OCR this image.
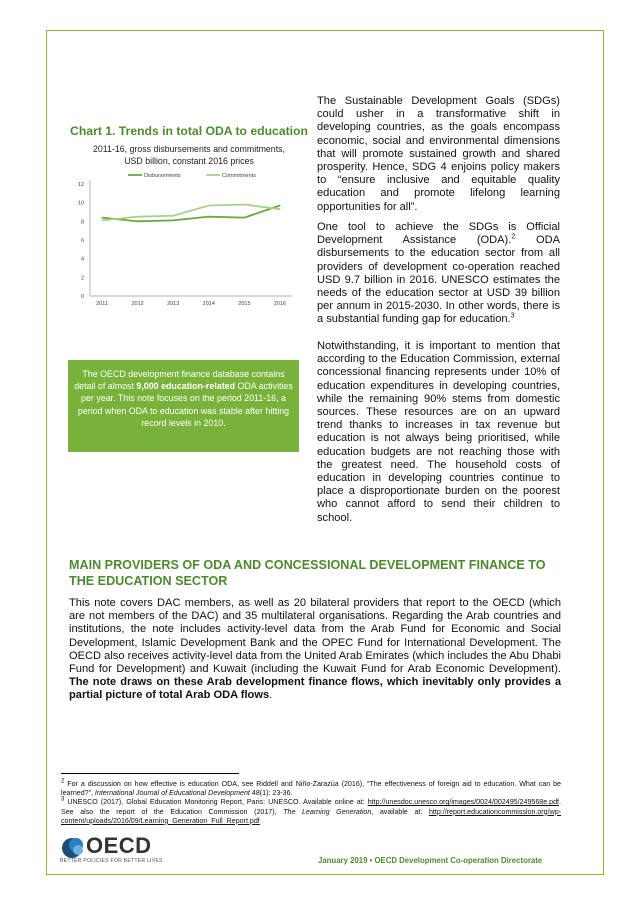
Chart 1. Trends in total ODA to education
2011-16, gross disbursements and commitments,
USD billion, constant 2016 prices
0
2
4
6
8
10
12
2011	2012	2013	2014	2015	2016
Disbursements	Commitments
The OECD development finance database contains detail of almost 9,000 education-related ODA activities per year. This note focuses on the period 2011-16, a period when ODA to education was stable after hitting record levels in 2010.
The Sustainable Development Goals (SDGs) could usher in a transformative shift in developing countries, as the goals encompass economic, social and environmental dimensions that will promote sustained growth and shared prosperity. Hence, SDG 4 enjoins policy makers to “ensure inclusive and equitable quality education and promote lifelong learning opportunities for all”.
One tool to achieve the SDGs is Official Development Assistance (ODA).$^2$ ODA disbursements to the education sector from all providers of development co-operation reached USD 9.7 billion in 2016. UNESCO estimates the needs of the education sector at USD 39 billion per annum in 2015-2030. In other words, there is a substantial funding gap for education.$^3$
Notwithstanding, it is important to mention that according to the Education Commission, external concessional financing represents under 10% of education expenditures in developing countries, while the remaining 90% stems from domestic sources. These resources are on an upward trend thanks to increases in tax revenue but education is not always being prioritised, while education budgets are not reaching those with the greatest need. The household costs of education in developing countries continue to place a disproportionate burden on the poorest who cannot afford to send their children to school.
MAIN PROVIDERS OF ODA AND CONCESSIONAL DEVELOPMENT FINANCE TO THE EDUCATION SECTOR
This note covers DAC members, as well as 20 bilateral providers that report to the OECD (which are not members of the DAC) and 35 multilateral organisations. Regarding the Arab countries and institutions, the note includes activity-level data from the Arab Fund for Economic and Social Development, Islamic Development Bank and the OPEC Fund for International Development. The OECD also receives activity-level data from the United Arab Emirates (which includes the Abu Dhabi Fund for Development) and Kuwait (including the Kuwait Fund for Arab Economic Development). The note draws on these Arab development finance flows, which inevitably only provides a partial picture of total Arab ODA flows.
$^2$ For a discussion on how effective is education ODA, see Riddell and Niño-Zarazúa (2016), “The effectiveness of foreign aid to education. What can be learned?”, International Journal of Educational Development 48(1): 23-36.
$^3$ UNESCO (2017), Global Education Monitoring Report, Paris: UNESCO. Available online at: http://unesdoc.unesco.org/images/0024/002495/249568e.pdf. See also the report of the Education Commission (2017), The Learning Generation, available at: http://report.educationcommission.org/wp-content/uploads/2016/09/Learning_Generation_Full_Report.pdf
OECD
BETTER POLICIES FOR BETTER LIVES	January 2019 • OECD Development Co-operation Directorate
